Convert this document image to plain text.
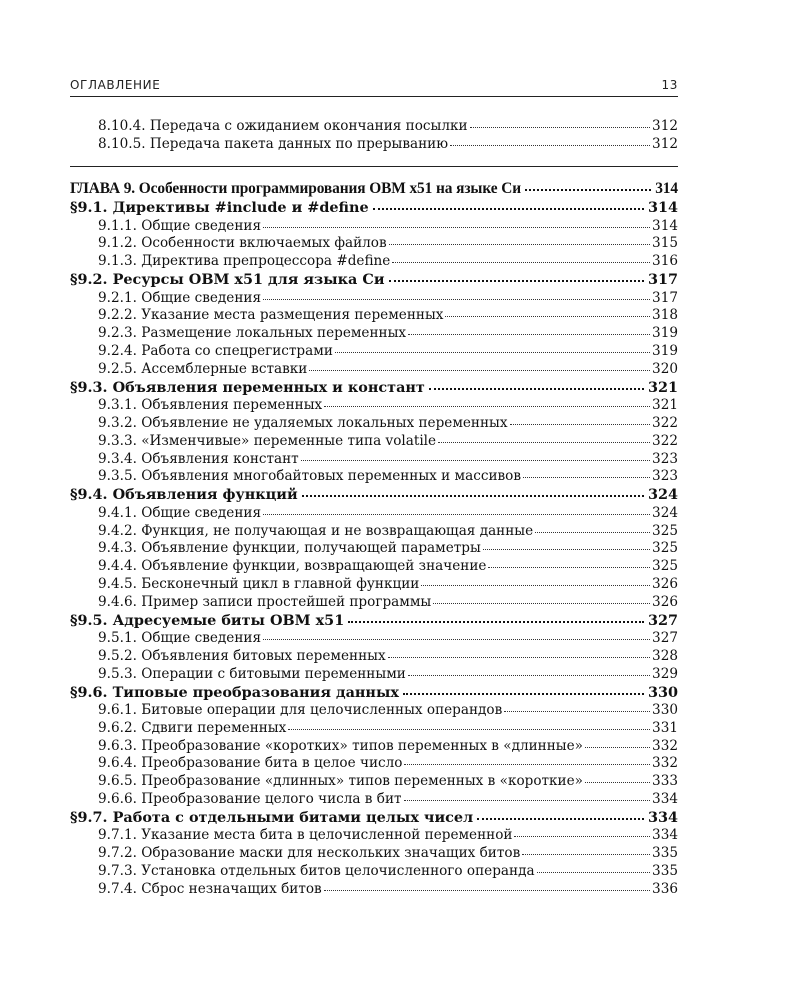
ОГЛАВЛЕНИЕ	13
8.10.4. Передача с ожиданием окончания посылки	312
8.10.5. Передача пакета данных по прерыванию	312
ГЛАВА 9. Особенности программирования ОВМ х51 на языке Си	314
§9.1. Директивы #include и #define	314
9.1.1. Общие сведения	314
9.1.2. Особенности включаемых файлов	315
9.1.3. Директива препроцессора #define	316
§9.2. Ресурсы ОВМ х51 для языка Си	317
9.2.1. Общие сведения	317
9.2.2. Указание места размещения переменных	318
9.2.3. Размещение локальных переменных	319
9.2.4. Работа со спецрегистрами	319
9.2.5. Ассемблерные вставки	320
§9.3. Объявления переменных и констант	321
9.3.1. Объявления переменных	321
9.3.2. Объявление не удаляемых локальных переменных	322
9.3.3. «Изменчивые» переменные типа volatile	322
9.3.4. Объявления констант	323
9.3.5. Объявления многобайтовых переменных и массивов	323
§9.4. Объявления функций	324
9.4.1. Общие сведения	324
9.4.2. Функция, не получающая и не возвращающая данные	325
9.4.3. Объявление функции, получающей параметры	325
9.4.4. Объявление функции, возвращающей значение	325
9.4.5. Бесконечный цикл в главной функции	326
9.4.6. Пример записи простейшей программы	326
§9.5. Адресуемые биты ОВМ х51	327
9.5.1. Общие сведения	327
9.5.2. Объявления битовых переменных	328
9.5.3. Операции с битовыми переменными	329
§9.6. Типовые преобразования данных	330
9.6.1. Битовые операции для целочисленных операндов	330
9.6.2. Сдвиги переменных	331
9.6.3. Преобразование «коротких» типов переменных в «длинные»	332
9.6.4. Преобразование бита в целое число	332
9.6.5. Преобразование «длинных» типов переменных в «короткие»	333
9.6.6. Преобразование целого числа в бит	334
§9.7. Работа с отдельными битами целых чисел	334
9.7.1. Указание места бита в целочисленной переменной	334
9.7.2. Образование маски для нескольких значащих битов	335
9.7.3. Установка отдельных битов целочисленного операнда	335
9.7.4. Сброс незначащих битов	336
